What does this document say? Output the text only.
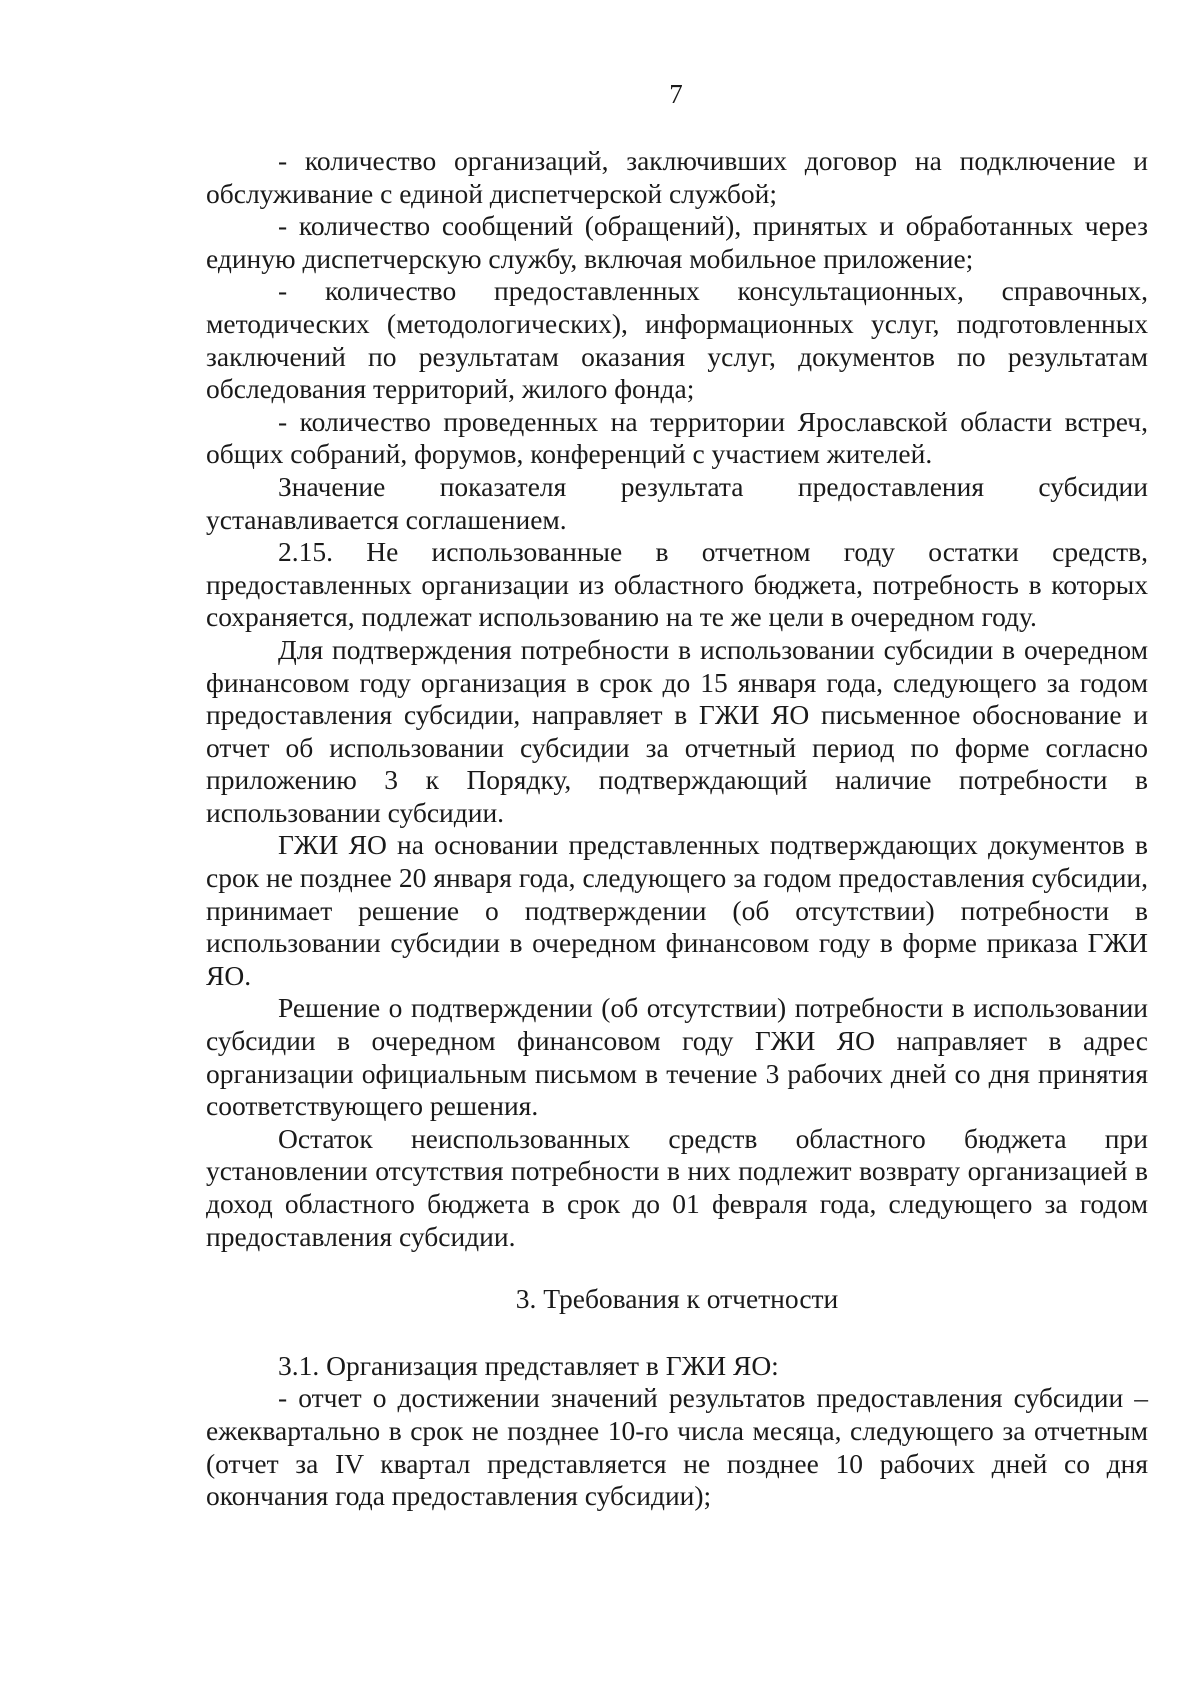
7

- количество организаций, заключивших договор на подключение и обслуживание с единой диспетчерской службой;

- количество сообщений (обращений), принятых и обработанных через единую диспетчерскую службу, включая мобильное приложение;

- количество предоставленных консультационных, справочных, методических (методологических), информационных услуг, подготовленных заключений по результатам оказания услуг, документов по результатам обследования территорий, жилого фонда;

- количество проведенных на территории Ярославской области встреч, общих собраний, форумов, конференций с участием жителей.

Значение показателя результата предоставления субсидии устанавливается соглашением.

2.15. Не использованные в отчетном году остатки средств, предоставленных организации из областного бюджета, потребность в которых сохраняется, подлежат использованию на те же цели в очередном году.

Для подтверждения потребности в использовании субсидии в очередном финансовом году организация в срок до 15 января года, следующего за годом предоставления субсидии, направляет в ГЖИ ЯО письменное обоснование и отчет об использовании субсидии за отчетный период по форме согласно приложению 3 к Порядку, подтверждающий наличие потребности в использовании субсидии.

ГЖИ ЯО на основании представленных подтверждающих документов в срок не позднее 20 января года, следующего за годом предоставления субсидии, принимает решение о подтверждении (об отсутствии) потребности в использовании субсидии в очередном финансовом году в форме приказа ГЖИ ЯО.

Решение о подтверждении (об отсутствии) потребности в использовании субсидии в очередном финансовом году ГЖИ ЯО направляет в адрес организации официальным письмом в течение 3 рабочих дней со дня принятия соответствующего решения.

Остаток неиспользованных средств областного бюджета при установлении отсутствия потребности в них подлежит возврату организацией в доход областного бюджета в срок до 01 февраля года, следующего за годом предоставления субсидии.

3. Требования к отчетности

3.1. Организация представляет в ГЖИ ЯО:

- отчет о достижении значений результатов предоставления субсидии – ежеквартально в срок не позднее 10-го числа месяца, следующего за отчетным (отчет за IV квартал представляется не позднее 10 рабочих дней со дня окончания года предоставления субсидии);
